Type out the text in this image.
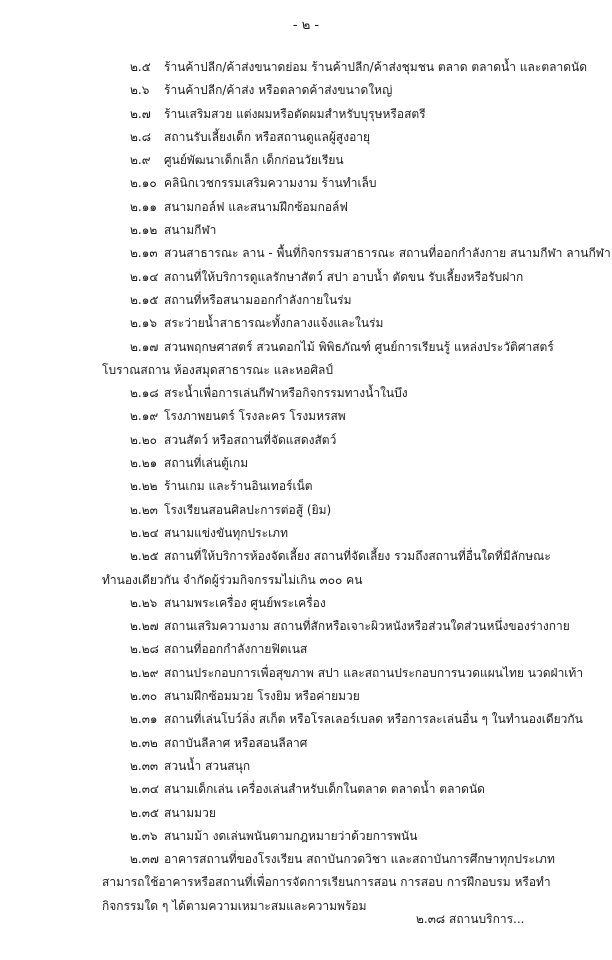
- ๒ -
๒.๕	ร้านค้าปลีก/ค้าส่งขนาดย่อม ร้านค้าปลีก/ค้าส่งชุมชน ตลาด ตลาดน้ำ และตลาดนัด
๒.๖	ร้านค้าปลีก/ค้าส่ง หรือตลาดค้าส่งขนาดใหญ่
๒.๗	ร้านเสริมสวย แต่งผมหรือตัดผมสำหรับบุรุษหรือสตรี
๒.๘	สถานรับเลี้ยงเด็ก หรือสถานดูแลผู้สูงอายุ
๒.๙	ศูนย์พัฒนาเด็กเล็ก เด็กก่อนวัยเรียน
๒.๑๐ คลินิกเวชกรรมเสริมความงาม ร้านทำเล็บ
๒.๑๑ สนามกอล์ฟ และสนามฝึกซ้อมกอล์ฟ
๒.๑๒ สนามกีฬา
๒.๑๓ สวนสาธารณะ ลาน - พื้นที่กิจกรรมสาธารณะ สถานที่ออกกำลังกาย สนามกีฬา ลานกีฬา
๒.๑๔ สถานที่ให้บริการดูแลรักษาสัตว์ สปา อาบน้ำ ตัดขน รับเลี้ยงหรือรับฝาก
๒.๑๕ สถานที่หรือสนามออกกำลังกายในร่ม
๒.๑๖ สระว่ายน้ำสาธารณะทั้งกลางแจ้งและในร่ม
๒.๑๗ สวนพฤกษศาสตร์ สวนดอกไม้ พิพิธภัณฑ์ ศูนย์การเรียนรู้ แหล่งประวัติศาสตร์
โบราณสถาน ห้องสมุดสาธารณะ และหอศิลป์
๒.๑๘ สระน้ำเพื่อการเล่นกีฬาหรือกิจกรรมทางน้ำในบึง
๒.๑๙ โรงภาพยนตร์ โรงละคร โรงมหรสพ
๒.๒๐ สวนสัตว์ หรือสถานที่จัดแสดงสัตว์
๒.๒๑ สถานที่เล่นตู้เกม
๒.๒๒ ร้านเกม และร้านอินเทอร์เน็ต
๒.๒๓ โรงเรียนสอนศิลปะการต่อสู้ (ยิม)
๒.๒๔ สนามแข่งขันทุกประเภท
๒.๒๕ สถานที่ให้บริการห้องจัดเลี้ยง สถานที่จัดเลี้ยง รวมถึงสถานที่อื่นใดที่มีลักษณะ
ทำนองเดียวกัน จำกัดผู้ร่วมกิจกรรมไม่เกิน ๓๐๐ คน
๒.๒๖ สนามพระเครื่อง ศูนย์พระเครื่อง
๒.๒๗ สถานเสริมความงาม สถานที่สักหรือเจาะผิวหนังหรือส่วนใดส่วนหนึ่งของร่างกาย
๒.๒๘ สถานที่ออกกำลังกายฟิตเนส
๒.๒๙ สถานประกอบการเพื่อสุขภาพ สปา และสถานประกอบการนวดแผนไทย นวดฝ่าเท้า
๒.๓๐ สนามฝึกซ้อมมวย โรงยิม หรือค่ายมวย
๒.๓๑ สถานที่เล่นโบว์ลิ่ง สเก็ต หรือโรลเลอร์เบลด หรือการละเล่นอื่น ๆ ในทำนองเดียวกัน
๒.๓๒ สถาบันลีลาศ หรือสอนลีลาศ
๒.๓๓ สวนน้ำ สวนสนุก
๒.๓๔ สนามเด็กเล่น เครื่องเล่นสำหรับเด็กในตลาด ตลาดน้ำ ตลาดนัด
๒.๓๕ สนามมวย
๒.๓๖ สนามม้า งดเล่นพนันตามกฎหมายว่าด้วยการพนัน
๒.๓๗ อาคารสถานที่ของโรงเรียน สถาบันกวดวิชา และสถาบันการศึกษาทุกประเภท
สามารถใช้อาคารหรือสถานที่เพื่อการจัดการเรียนการสอน การสอบ การฝึกอบรม หรือทำกิจกรรมใด ๆ ได้ตามความเหมาะสมและความพร้อม
๒.๓๘ สถานบริการ...
